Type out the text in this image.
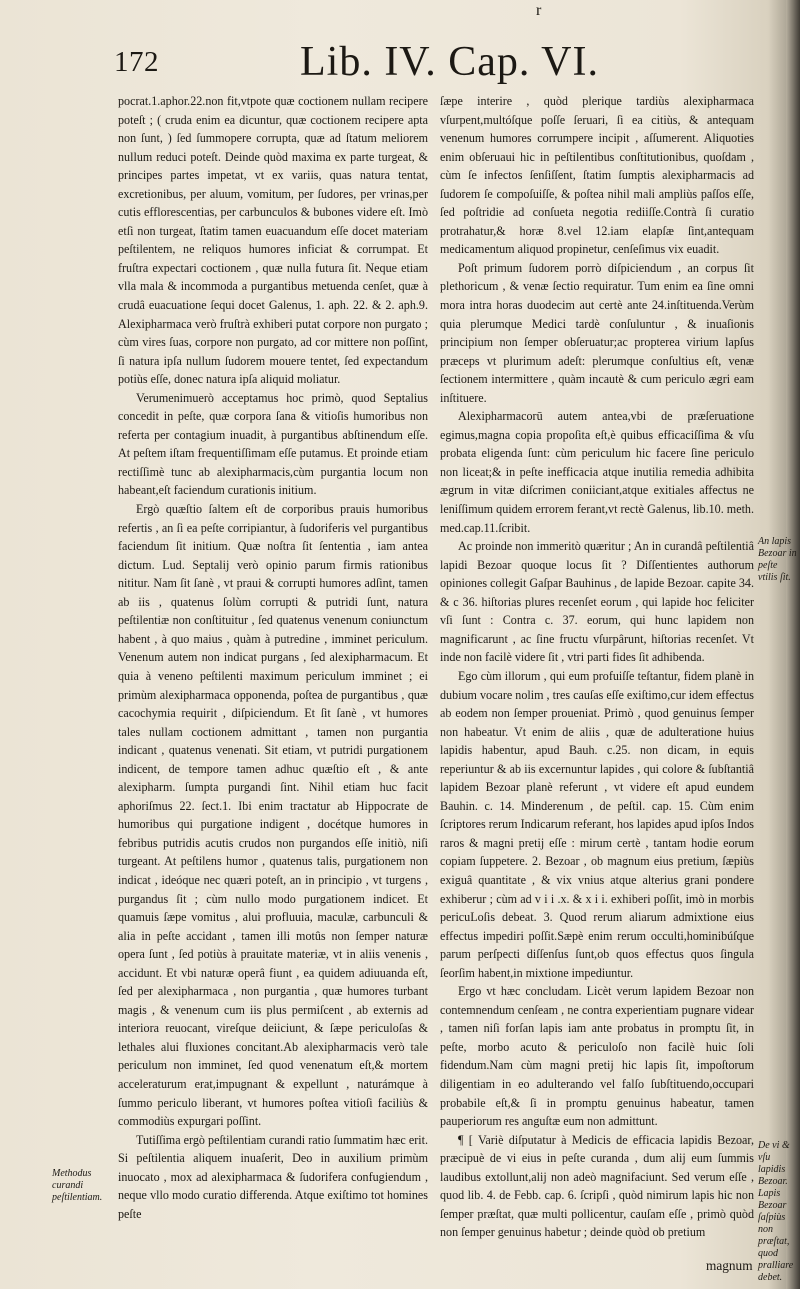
r
172	Lib. IV. Cap. VI.

pocrat.1.aphor.22.non fit,vtpote quæ coctionem nullam recipere poteſt ; ( cruda enim ea dicuntur, quæ coctionem recipere apta non ſunt, ) ſed ſummopere corrupta, quæ ad ſtatum meliorem nullum reduci poteſt. Deinde quòd maxima ex parte turgeat, & principes partes impetat, vt ex variis, quas natura tentat, excretionibus, per aluum, vomitum, per ſudores, per vrinas,per cutis efflorescentias, per carbunculos & bubones videre eſt. Imò etſi non turgeat, ſtatim tamen euacuandum eſſe docet materiam peſtilentem, ne reliquos humores inficiat & corrumpat. Et fruſtra expectari coctionem , quæ nulla futura ſit. Neque etiam vlla mala & incommoda a purgantibus metuenda cenſet, quæ à crudâ euacuatione ſequi docet Galenus, 1. aph. 22. & 2. aph.9. Alexipharmaca verò fruſtrà exhiberi putat corpore non purgato ; cùm vires ſuas, corpore non purgato, ad cor mittere non poſſint, ſi natura ipſa nullum ſudorem mouere tentet, ſed expectandum potiùs eſſe, donec natura ipſa aliquid moliatur.

Verumenimuerò acceptamus hoc primò, quod Septalius concedit in peſte, quæ corpora ſana & vitioſis humoribus non referta per contagium inuadit, à purgantibus abſtinendum eſſe. At peſtem iſtam frequentiſſimam eſſe putamus. Et proinde etiam rectiſſimè tunc ab alexipharmacis,cùm purgantia locum non habeant,eſt faciendum curationis initium.

Ergò quæſtio ſaltem eſt de corporibus prauis humoribus refertis , an ſi ea peſte corripiantur, à ſudoriferis vel purgantibus faciendum ſit initium. Quæ noſtra ſit ſententia , iam antea dictum. Lud. Septalij verò opinio parum firmis rationibus nititur. Nam ſit ſanè , vt praui & corrupti humores adſint, tamen ab iis , quatenus ſolùm corrupti & putridi ſunt, natura peſtilentiæ non conſtituitur , ſed quatenus venenum coniunctum habent , à quo maius , quàm à putredine , imminet periculum. Venenum autem non indicat purgans , ſed alexipharmacum. Et quia à veneno peſtilenti maximum periculum imminet ; ei primùm alexipharmaca opponenda, poſtea de purgantibus , quæ cacochymia requirit , diſpiciendum. Et ſit ſanè , vt humores tales nullam coctionem admittant , tamen non purgantia indicant , quatenus venenati. Sit etiam, vt putridi purgationem indicent, de tempore tamen adhuc quæſtio eſt , & ante alexipharm. ſumpta purgandi ſint. Nihil etiam huc facit aphoriſmus 22. ſect.1. Ibi enim tractatur ab Hippocrate de humoribus qui purgatione indigent , docétque humores in febribus putridis acutis crudos non purgandos eſſe initiò, niſi turgeant. At peſtilens humor , quatenus talis, purgationem non indicat , ideóque nec quæri poteſt, an in principio , vt turgens , purgandus ſit ; cùm nullo modo purgationem indicet. Et quamuis ſæpe vomitus , alui profluuia, maculæ, carbunculi & alia in peſte accidant , tamen illi motûs non ſemper naturæ opera ſunt , ſed potiùs à prauitate materiæ, vt in aliis venenis , accidunt. Et vbi naturæ operâ fiunt , ea quidem adiuuanda eſt, ſed per alexipharmaca , non purgantia , quæ humores turbant magis , & venenum cum iis plus permiſcent , ab externis ad interiora reuocant, vireſque deiiciunt, & ſæpe periculoſas & lethales alui fluxiones concitant.Ab alexipharmacis verò tale periculum non imminet, ſed quod venenatum eſt,& mortem acceleraturum erat,impugnant & expellunt , naturámque à ſummo periculo liberant, vt humores poſtea vitioſi faciliùs & commodiùs expurgari poſſint.

Tutiſſima ergò peſtilentiam curandi ratio ſummatim hæc erit. Si peſtilentia aliquem inuaſerit, Deo in auxilium primùm inuocato , mox ad alexipharmaca & ſudorifera confugiendum , neque vllo modo curatio differenda. Atque exiſtimo tot homines peſte

ſæpe interire , quòd plerique tardiùs alexipharmaca vſurpent,multóſque poſſe ſeruari, ſi ea citiùs, & antequam venenum humores corrumpere incipit , aſſumerent. Aliquoties enim obſeruaui hic in peſtilentibus conſtitutionibus, quoſdam , cùm ſe infectos ſenſiſſent, ſtatim ſumptis alexipharmacis ad ſudorem ſe compoſuiſſe, & poſtea nihil mali ampliùs paſſos eſſe, ſed poſtridie ad conſueta negotia rediiſſe.Contrà ſi curatio protrahatur,& horæ 8.vel 12.iam elapſæ ſint,antequam medicamentum aliquod propinetur, cenſeſimus vix euadit.

Poſt primum ſudorem porrò diſpiciendum , an corpus ſit plethoricum , & venæ ſectio requiratur. Tum enim ea ſine omni mora intra horas duodecim aut certè ante 24.inſtituenda.Verùm quia plerumque Medici tardè conſuluntur , & inuaſionis principium non ſemper obſeruatur;ac propterea virium lapſus præceps vt plurimum adeſt: plerumque conſultius eſt, venæ ſectionem intermittere , quàm incautè & cum periculo ægri eam inſtituere.

Alexipharmacorū autem antea,vbi de præſeruatione egimus,magna copia propoſita eſt,è quibus efficaciſſima & vſu probata eligenda ſunt: cùm periculum hic facere ſine periculo non liceat;& in peſte inefficacia atque inutilia remedia adhibita ægrum in vitæ diſcrimen coniiciant,atque exitiales affectus ne leniſſimum quidem errorem ferant,vt rectè Galenus, lib.10. meth. med.cap.11.ſcribit.

Ac proinde non immeritò quæritur ; An in curandâ peſtilentiâ lapidi Bezoar quoque locus ſit ? Diſſentientes authorum opiniones collegit Gaſpar Bauhinus , de lapide Bezoar. capite 34. & c 36. hiſtorias plures recenſet eorum , qui lapide hoc feliciter vſi ſunt : Contra c. 37. eorum, qui hunc lapidem non magnificarunt , ac ſine fructu vſurpârunt, hiſtorias recenſet. Vt inde non facilè videre ſit , vtri parti fides ſit adhibenda.

Ego cùm illorum , qui eum profuiſſe teſtantur, fidem planè in dubium vocare nolim , tres cauſas eſſe exiſtimo,cur idem effectus ab eodem non ſemper proueniat. Primò , quod genuinus ſemper non habeatur. Vt enim de aliis , quæ de adulteratione huius lapidis habentur, apud Bauh. c.25. non dicam, in equis reperiuntur & ab iis excernuntur lapides , qui colore & ſubſtantiâ lapidem Bezoar planè referunt , vt videre eſt apud eundem Bauhin. c. 14. Minderenum , de peſtil. cap. 15. Cùm enim ſcriptores rerum Indicarum referant, hos lapides apud ipſos Indos raros & magni pretij eſſe : mirum certè , tantam hodie eorum copiam ſuppetere. 2. Bezoar , ob magnum eius pretium, ſæpiùs exiguâ quantitate , & vix vnius atque alterius grani pondere exhiberur ; cùm ad v i i .x. & x i i. exhiberi poſſit, imò in morbis pericuLoſis debeat. 3. Quod rerum aliarum admixtione eius effectus impediri poſſit.Sæpè enim rerum occulti,hominibúſque parum perſpecti diſſenſus ſunt,ob quos effectus quos ſingula ſeorſim habent,in mixtione impediuntur.

Ergo vt hæc concludam. Licèt verum lapidem Bezoar non contemnendum cenſeam , ne contra experientiam pugnare videar , tamen niſi forſan lapis iam ante probatus in promptu ſit, in peſte, morbo acuto & periculoſo non facilè huic ſoli fidendum.Nam cùm magni pretij hic lapis ſit, impoſtorum diligentiam in eo adulterando vel falſo ſubſtituendo,occupari probabile eſt,& ſi in promptu genuinus habeatur, tamen pauperiorum res anguſtæ eum non admittunt.

¶ [ Variè diſputatur à Medicis de efficacia lapidis Bezoar, præcipuè de vi eius in peſte curanda , dum alij eum ſummis laudibus extollunt,alij non adeò magnifaciunt. Sed verum eſſe , quod lib. 4. de Febb. cap. 6. ſcripſi , quòd nimirum lapis hic non ſemper præſtat, quæ multi pollicentur, cauſam eſſe , primò quòd non ſemper genuinus habetur ; deinde quòd ob pretium

Methodus curandi peſtilentiam.
An lapis Bezoar in peſte vtilis ſit.
De vi & vſu lapidis Bezoar. Lapis Bezoar ſaſpiùs non præſtat, quod pralliare debet.
magnum
